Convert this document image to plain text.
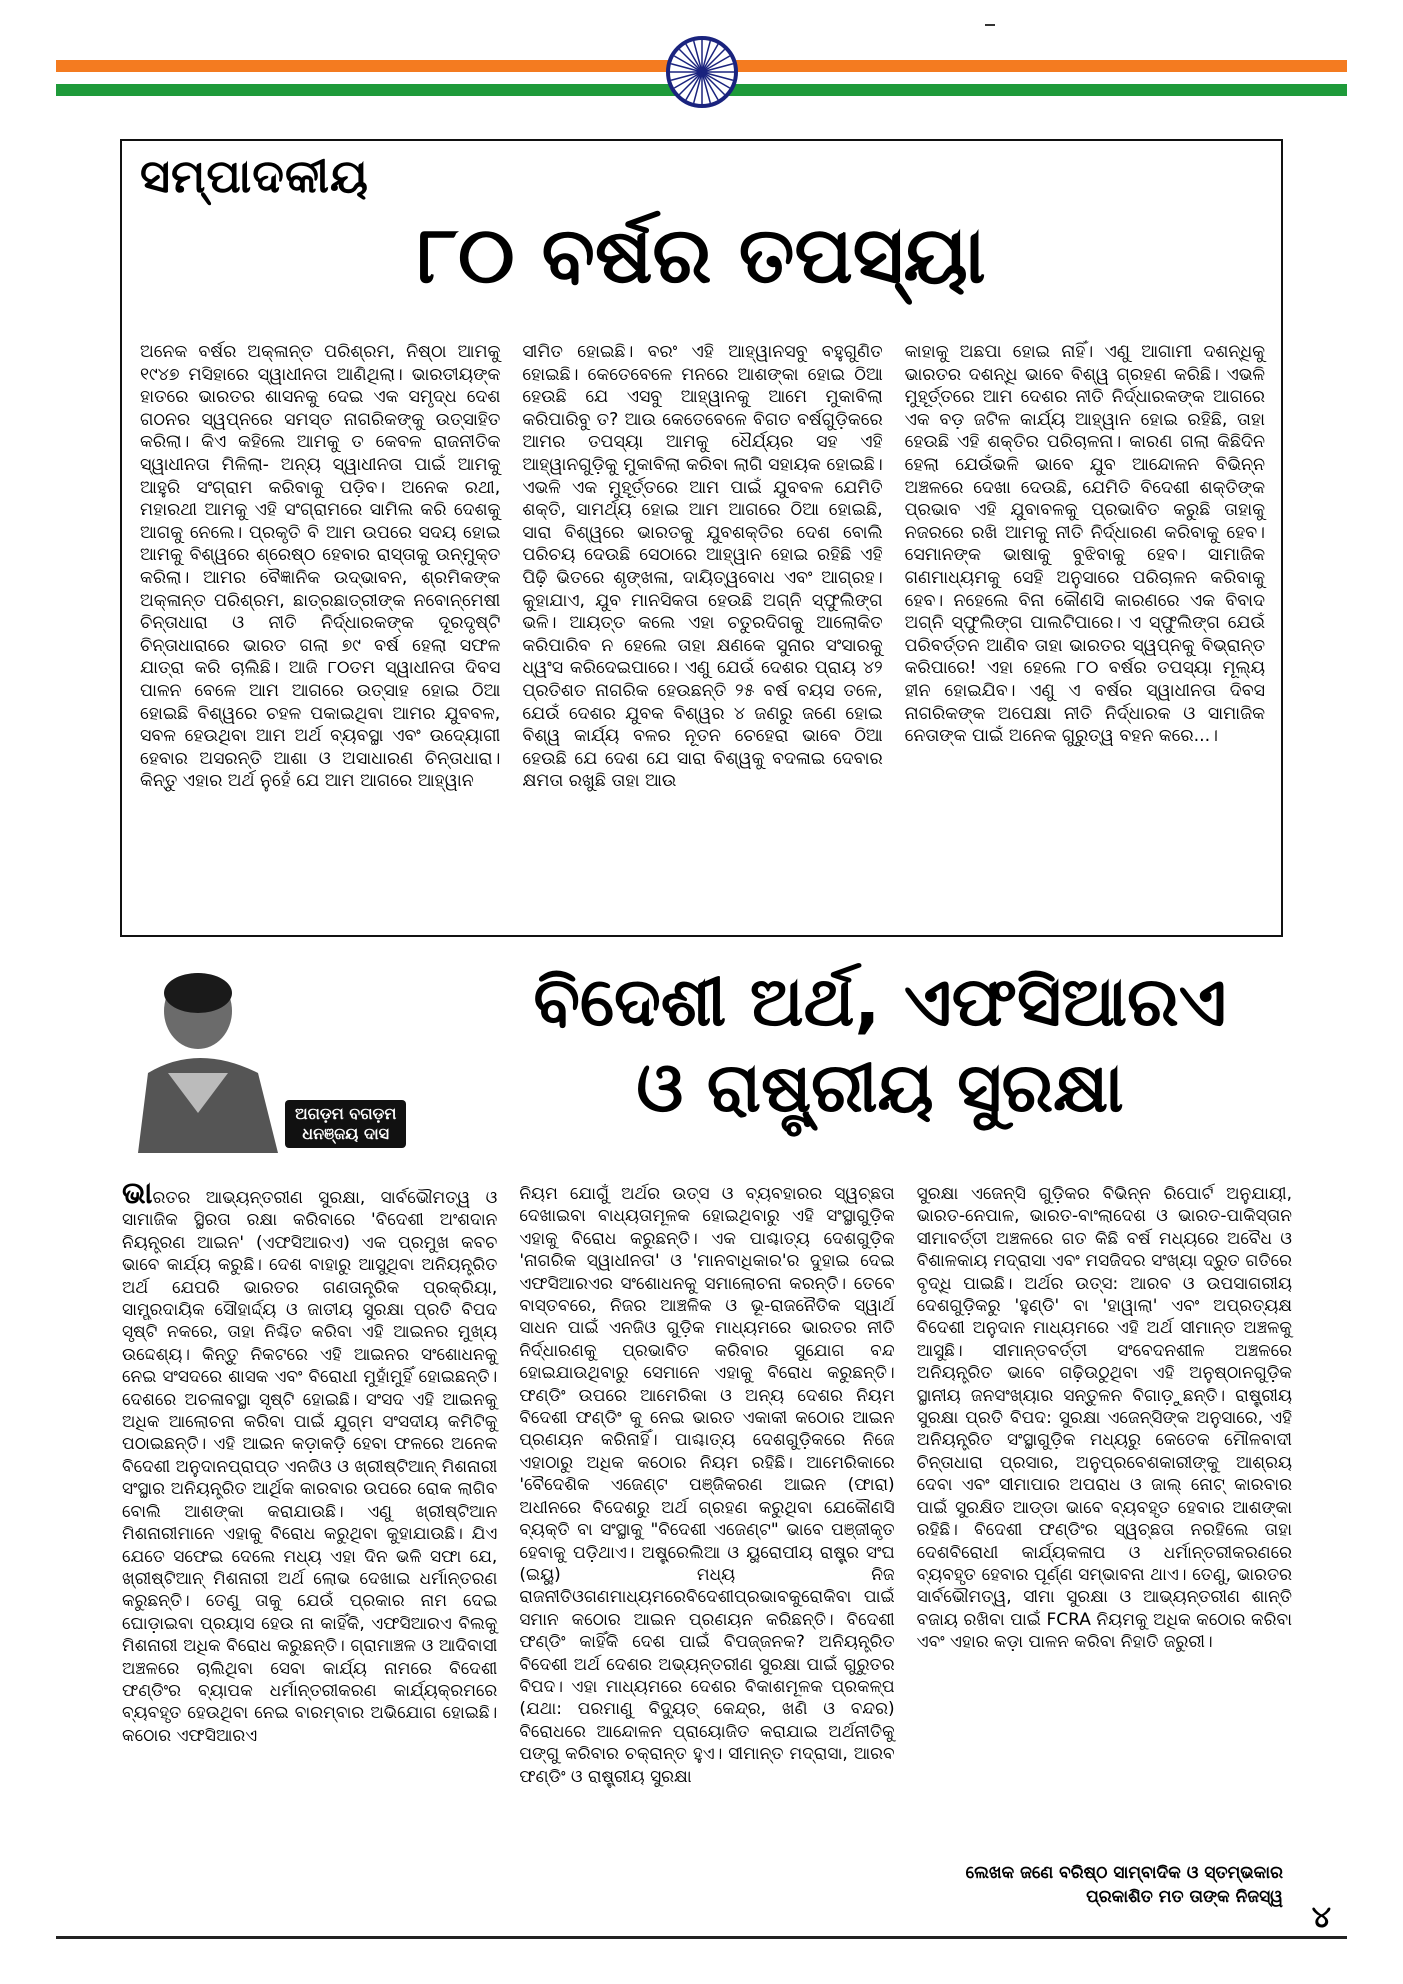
ସମ୍ପାଦକୀୟ
୮୦ ବର୍ଷର ତପସ୍ୟା
ଅନେକ ବର୍ଷର ଅକ୍ଳାନ୍ତ ପରିଶ୍ରମ, ନିଷ୍ଠା ଆମକୁ ୧୯୪୭ ମସିହାରେ ସ୍ୱାଧୀନତା ଆଣିଥିଲା। ଭାରତୀୟଙ୍କ ହାତରେ ଭାରତର ଶାସନକୁ ଦେଇ ଏକ ସମୃଦ୍ଧ ଦେଶ ଗଠନର ସ୍ୱପ୍ନରେ ସମସ୍ତ ନାଗରିକଙ୍କୁ ଉତ୍ସାହିତ କରିଲା। କିଏ କହିଲେ ଆମକୁ ତ କେବଳ ରାଜନୀତିକ ସ୍ୱାଧୀନତା ମିଳିଲା- ଅନ୍ୟ ସ୍ୱାଧୀନତା ପାଇଁ ଆମକୁ ଆହୁରି ସଂଗ୍ରାମ କରିବାକୁ ପଡ଼ିବ। ଅନେକ ରଥୀ, ମହାରଥୀ ଆମକୁ ଏହି ସଂଗ୍ରାମରେ ସାମିଲ କରି ଦେଶକୁ ଆଗକୁ ନେଲେ। ପ୍ରକୃତି ବି ଆମ ଉପରେ ସଦୟ ହୋଇ ଆମକୁ ବିଶ୍ୱରେ ଶ୍ରେଷ୍ଠ ହେବାର ରାସ୍ତାକୁ ଉନ୍ମୁକ୍ତ କରିଲା। ଆମର ବୈଜ୍ଞାନିକ ଉଦ୍ଭାବନ, ଶ୍ରମିକଙ୍କ ଅକ୍ଳାନ୍ତ ପରିଶ୍ରମ, ଛାତ୍ରଛାତ୍ରୀଙ୍କ ନବୋନ୍ମେଷୀ ଚିନ୍ତାଧାରା ଓ ନୀତି ନିର୍ଦ୍ଧାରକଙ୍କ ଦୂରଦୃଷ୍ଟି ଚିନ୍ତାଧାରାରେ ଭାରତ ଗଲା ୭୯ ବର୍ଷ ହେଲା ସଫଳ ଯାତ୍ରା କରି ଚାଲିଛି। ଆଜି ୮୦ତମ ସ୍ୱାଧୀନତା ଦିବସ ପାଳନ ବେଳେ ଆମ ଆଗରେ ଉତ୍ସାହ ହୋଇ ଠିଆ ହୋଇଛି ବିଶ୍ୱରେ ଚହଳ ପକାଇଥିବା ଆମର ଯୁବବଳ, ସବଳ ହେଉଥିବା ଆମ ଅର୍ଥ ବ୍ୟବସ୍ଥା ଏବଂ ଉଦ୍ୟୋଗୀ ହେବାର ଅସରନ୍ତି ଆଶା ଓ ଅସାଧାରଣ ଚିନ୍ତାଧାରା। କିନ୍ତୁ ଏହାର ଅର୍ଥ ନୁହେଁ ଯେ ଆମ ଆଗରେ ଆହ୍ୱାନ
ସୀମିତ ହୋଇଛି। ବରଂ ଏହି ଆହ୍ୱାନସବୁ ବହୁଗୁଣିତ ହୋଇଛି। କେତେବେଳେ ମନରେ ଆଶଙ୍କା ହୋଇ ଠିଆ ହେଉଛି ଯେ ଏସବୁ ଆହ୍ୱାନକୁ ଆମେ ମୁକାବିଲା କରିପାରିବୁ ତ? ଆଉ କେତେବେଳେ ବିଗତ ବର୍ଷଗୁଡ଼ିକରେ ଆମର ତପସ୍ୟା ଆମକୁ ଧୈର୍ଯ୍ୟର ସହ ଏହି ଆହ୍ୱାନଗୁଡ଼ିକୁ ମୁକାବିଲା କରିବା ଲାଗି ସହାୟକ ହୋଇଛି। ଏଭଳି ଏକ ମୁହୂର୍ତ୍ତରେ ଆମ ପାଇଁ ଯୁବବଳ ଯେମିତି ଶକ୍ତି, ସାମର୍ଥ୍ୟ ହୋଇ ଆମ ଆଗରେ ଠିଆ ହୋଇଛି, ସାରା ବିଶ୍ୱରେ ଭାରତକୁ ଯୁବଶକ୍ତିର ଦେଶ ବୋଲି ପରିଚୟ ଦେଉଛି ସେଠାରେ ଆହ୍ୱାନ ହୋଇ ରହିଛି ଏହି ପିଢ଼ି ଭିତରେ ଶୃଙ୍ଖଳା, ଦାୟିତ୍ୱବୋଧ ଏବଂ ଆଗ୍ରହ। କୁହାଯାଏ, ଯୁବ ମାନସିକତା ହେଉଛି ଅଗ୍ନି ସ୍ଫୁଲିଙ୍ଗ ଭଳି। ଆୟତ୍ତ କଲେ ଏହା ଚତୁରଦିଗକୁ ଆଲୋକିତ କରିପାରିବ ନ ହେଲେ ତାହା କ୍ଷଣକେ ସୁନାର ସଂସାରକୁ ଧ୍ୱଂସ କରିଦେଇପାରେ। ଏଣୁ ଯେଉଁ ଦେଶର ପ୍ରାୟ ୪୨ ପ୍ରତିଶତ ନାଗରିକ ହେଉଛନ୍ତି ୨୫ ବର୍ଷ ବୟସ ତଳେ, ଯେଉଁ ଦେଶର ଯୁବକ ବିଶ୍ୱର ୪ ଜଣରୁ ଜଣେ ହୋଇ ବିଶ୍ୱ କାର୍ଯ୍ୟ ବଳର ନୂତନ ଚେହେରା ଭାବେ ଠିଆ ହେଉଛି ଯେ ଦେଶ ଯେ ସାରା ବିଶ୍ୱକୁ ବଦଳାଇ ଦେବାର କ୍ଷମତା ରଖୁଛି ତାହା ଆଉ
କାହାକୁ ଅଛପା ହୋଇ ନାହିଁ। ଏଣୁ ଆଗାମୀ ଦଶନ୍ଧିକୁ ଭାରତର ଦଶନ୍ଧି ଭାବେ ବିଶ୍ୱ ଗ୍ରହଣ କରିଛି। ଏଭଳି ମୁହୂର୍ତ୍ତରେ ଆମ ଦେଶର ନୀତି ନିର୍ଦ୍ଧାରକଙ୍କ ଆଗରେ ଏକ ବଡ଼ ଜଟିଳ କାର୍ଯ୍ୟ ଆହ୍ୱାନ ହୋଇ ରହିଛି, ତାହା ହେଉଛି ଏହି ଶକ୍ତିର ପରିଚାଳନା। କାରଣ ଗଲା କିଛିଦିନ ହେଲା ଯେଉଁଭଳି ଭାବେ ଯୁବ ଆନ୍ଦୋଳନ ବିଭିନ୍ନ ଅଞ୍ଚଳରେ ଦେଖା ଦେଉଛି, ଯେମିତି ବିଦେଶୀ ଶକ୍ତିଙ୍କ ପ୍ରଭାବ ଏହି ଯୁବାବଳକୁ ପ୍ରଭାବିତ କରୁଛି ତାହାକୁ ନଜରରେ ରଖି ଆମକୁ ନୀତି ନିର୍ଦ୍ଧାରଣ କରିବାକୁ ହେବ। ସେମାନଙ୍କ ଭାଷାକୁ ବୁଝିବାକୁ ହେବ। ସାମାଜିକ ଗଣମାଧ୍ୟମକୁ ସେହି ଅନୁସାରେ ପରିଚାଳନ କରିବାକୁ ହେବ। ନହେଲେ ବିନା କୌଣସି କାରଣରେ ଏକ ବିବାଦ ଅଗ୍ନି ସ୍ଫୁଲିଙ୍ଗ ପାଲଟିପାରେ। ଏ ସ୍ଫୁଲିଙ୍ଗ ଯେଉଁ ପରିବର୍ତ୍ତନ ଆଣିବ ତାହା ଭାରତର ସ୍ୱପ୍ନକୁ ବିଭ୍ରାନ୍ତ କରିପାରେ! ଏହା ହେଲେ ୮୦ ବର୍ଷର ତପସ୍ୟା ମୂଲ୍ୟ ହୀନ ହୋଇଯିବ। ଏଣୁ ଏ ବର୍ଷର ସ୍ୱାଧୀନତା ଦିବସ ନାଗରିକଙ୍କ ଅପେକ୍ଷା ନୀତି ନିର୍ଦ୍ଧାରକ ଓ ସାମାଜିକ ନେତାଙ୍କ ପାଇଁ ଅନେକ ଗୁରୁତ୍ୱ ବହନ କରେ...।
ବିଦେଶୀ ଅର୍ଥ, ଏଫସିଆରଏ
ଓ ରାଷ୍ଟ୍ରୀୟ ସୁରକ୍ଷା
ଅଗଡ଼ମ ବଗଡ଼ମ
ଧନଞ୍ଜୟ ଦାସ
ଭାରତର ଆଭ୍ୟନ୍ତରୀଣ ସୁରକ୍ଷା, ସାର୍ବଭୌମତ୍ୱ ଓ ସାମାଜିକ ସ୍ଥିରତା ରକ୍ଷା କରିବାରେ 'ବିଦେଶୀ ଅଂଶଦାନ ନିୟନ୍ତ୍ରଣ ଆଇନ' (ଏଫସିଆରଏ) ଏକ ପ୍ରମୁଖ କବଚ ଭାବେ କାର୍ଯ୍ୟ କରୁଛି। ଦେଶ ବାହାରୁ ଆସୁଥିବା ଅନିୟନ୍ତ୍ରିତ ଅର୍ଥ ଯେପରି ଭାରତର ଗଣତାନ୍ତ୍ରିକ ପ୍ରକ୍ରିୟା, ସାମ୍ପ୍ରଦାୟିକ ସୌହାର୍ଦ୍ଦ୍ୟ ଓ ଜାତୀୟ ସୁରକ୍ଷା ପ୍ରତି ବିପଦ ସୃଷ୍ଟି ନକରେ, ତାହା ନିଶ୍ଚିତ କରିବା ଏହି ଆଇନର ମୁଖ୍ୟ ଉଦ୍ଦେଶ୍ୟ। କିନ୍ତୁ ନିକଟରେ ଏହି ଆଇନର ସଂଶୋଧନକୁ ନେଇ ସଂସଦରେ ଶାସକ ଏବଂ ବିରୋଧୀ ମୁହାଁମୁହିଁ ହୋଇଛନ୍ତି। ଦେଶରେ ଅଚଳାବସ୍ଥା ସୃଷ୍ଟି ହୋଇଛି। ସଂସଦ ଏହି ଆଇନକୁ ଅଧିକ ଆଲୋଚନା କରିବା ପାଇଁ ଯୁଗ୍ମ ସଂସଦୀୟ କମିଟିକୁ ପଠାଇଛନ୍ତି। ଏହି ଆଇନ କଡ଼ାକଡ଼ି ହେବା ଫଳରେ ଅନେକ ବିଦେଶୀ ଅନୁଦାନପ୍ରାପ୍ତ ଏନଜିଓ ଓ ଖ୍ରୀଷ୍ଟିଆନ୍ ମିଶନାରୀ ସଂସ୍ଥାର ଅନିୟନ୍ତ୍ରିତ ଆର୍ଥିକ କାରବାର ଉପରେ ରୋକ ଲାଗିବ ବୋଲି ଆଶଙ୍କା କରାଯାଉଛି। ଏଣୁ ଖ୍ରୀଷ୍ଟିଆନ ମିଶନାରୀମାନେ ଏହାକୁ ବିରୋଧ କରୁଥିବା କୁହାଯାଉଛି। ଯିଏ ଯେତେ ସଫେଇ ଦେଲେ ମଧ୍ୟ ଏହା ଦିନ ଭଳି ସଫା ଯେ, ଖ୍ରୀଷ୍ଟିଆନ୍ ମିଶନାରୀ ଅର୍ଥ ଲୋଭ ଦେଖାଇ ଧର୍ମାନ୍ତରଣ କରୁଛନ୍ତି। ତେଣୁ ତାକୁ ଯେଉଁ ପ୍ରକାର ନାମ ଦେଇ ଘୋଡ଼ାଇବା ପ୍ରୟାସ ହେଉ ନା କାହିଁକି, ଏଫସିଆରଏ ବିଲକୁ ମିଶନାରୀ ଅଧିକ ବିରୋଧ କରୁଛନ୍ତି। ଗ୍ରାମାଞ୍ଚଳ ଓ ଆଦିବାସୀ ଅଞ୍ଚଳରେ ଚାଲିଥିବା ସେବା କାର୍ଯ୍ୟ ନାମରେ ବିଦେଶୀ ଫଣ୍ଡିଂର ବ୍ୟାପକ ଧର୍ମାନ୍ତରୀକରଣ କାର୍ଯ୍ୟକ୍ରମରେ ବ୍ୟବହୃତ ହେଉଥିବା ନେଇ ବାରମ୍ବାର ଅଭିଯୋଗ ହୋଇଛି। କଠୋର ଏଫସିଆରଏ
ନିୟମ ଯୋଗୁଁ ଅର୍ଥର ଉତ୍ସ ଓ ବ୍ୟବହାରର ସ୍ୱଚ୍ଛତା ଦେଖାଇବା ବାଧ୍ୟତାମୂଳକ ହୋଇଥିବାରୁ ଏହି ସଂସ୍ଥାଗୁଡ଼ିକ ଏହାକୁ ବିରୋଧ କରୁଛନ୍ତି। ଏକ ପାଶ୍ଚାତ୍ୟ ଦେଶଗୁଡ଼ିକ 'ନାଗରିକ ସ୍ୱାଧୀନତା' ଓ 'ମାନବାଧିକାର'ର ଦୁହାଇ ଦେଇ ଏଫସିଆରଏର ସଂଶୋଧନକୁ ସମାଲୋଚନା କରନ୍ତି। ତେବେ ବାସ୍ତବରେ, ନିଜର ଆଞ୍ଚଳିକ ଓ ଭୂ-ରାଜନୈତିକ ସ୍ୱାର୍ଥ ସାଧନ ପାଇଁ ଏନଜିଓ ଗୁଡ଼ିକ ମାଧ୍ୟମରେ ଭାରତର ନୀତି ନିର୍ଦ୍ଧାରଣକୁ ପ୍ରଭାବିତ କରିବାର ସୁଯୋଗ ବନ୍ଦ ହୋଇଯାଉଥିବାରୁ ସେମାନେ ଏହାକୁ ବିରୋଧ କରୁଛନ୍ତି। ଫଣ୍ଡିଂ ଉପରେ ଆମେରିକା ଓ ଅନ୍ୟ ଦେଶର ନିୟମ ବିଦେଶୀ ଫଣ୍ଡିଂ କୁ ନେଇ ଭାରତ ଏକାକୀ କଠୋର ଆଇନ ପ୍ରଣୟନ କରିନାହିଁ। ପାଶ୍ଚାତ୍ୟ ଦେଶଗୁଡ଼ିକରେ ନିଜେ ଏହାଠାରୁ ଅଧିକ କଠୋର ନିୟମ ରହିଛି। ଆମେରିକାରେ 'ବୈଦେଶିକ ଏଜେଣ୍ଟ ପଞ୍ଜିକରଣ ଆଇନ (ଫାରା) ଅଧୀନରେ ବିଦେଶରୁ ଅର୍ଥ ଗ୍ରହଣ କରୁଥିବା ଯେକୌଣସି ବ୍ୟକ୍ତି ବା ସଂସ୍ଥାକୁ "ବିଦେଶୀ ଏଜେଣ୍ଟ" ଭାବେ ପଞ୍ଜୀକୃତ ହେବାକୁ ପଡ଼ିଥାଏ। ଅଷ୍ଟ୍ରେଲିଆ ଓ ୟୁରୋପୀୟ ରାଷ୍ଟ୍ର ସଂଘ (ଇୟୁ) ମଧ୍ୟ ନିଜ ରାଜନୀତିଓଗଣମାଧ୍ୟମରେବିଦେଶୀପ୍ରଭାବକୁରୋକିବା ପାଇଁ ସମାନ କଠୋର ଆଇନ ପ୍ରଣୟନ କରିଛନ୍ତି। ବିଦେଶୀ ଫଣ୍ଡିଂ କାହିଁକି ଦେଶ ପାଇଁ ବିପଜ୍ଜନକ? ଅନିୟନ୍ତ୍ରିତ ବିଦେଶୀ ଅର୍ଥ ଦେଶର ଅଭ୍ୟନ୍ତରୀଣ ସୁରକ୍ଷା ପାଇଁ ଗୁରୁତର ବିପଦ। ଏହା ମାଧ୍ୟମରେ ଦେଶର ବିକାଶମୂଳକ ପ୍ରକଳ୍ପ (ଯଥା: ପରମାଣୁ ବିଦ୍ୟୁତ୍ କେନ୍ଦ୍ର, ଖଣି ଓ ବନ୍ଦର) ବିରୋଧରେ ଆନ୍ଦୋଳନ ପ୍ରାୟୋଜିତ କରାଯାଇ ଅର୍ଥନୀତିକୁ ପଙ୍ଗୁ କରିବାର ଚକ୍ରାନ୍ତ ହୁଏ। ସୀମାନ୍ତ ମଦ୍ରାସା, ଆରବ ଫଣ୍ଡିଂ ଓ ରାଷ୍ଟ୍ରୀୟ ସୁରକ୍ଷା
ସୁରକ୍ଷା ଏଜେନ୍ସି ଗୁଡ଼ିକର ବିଭିନ୍ନ ରିପୋର୍ଟ ଅନୁଯାୟୀ, ଭାରତ-ନେପାଳ, ଭାରତ-ବାଂଲାଦେଶ ଓ ଭାରତ-ପାକିସ୍ତାନ ସୀମାବର୍ତ୍ତୀ ଅଞ୍ଚଳରେ ଗତ କିଛି ବର୍ଷ ମଧ୍ୟରେ ଅବୈଧ ଓ ବିଶାଳକାୟ ମଦ୍ରାସା ଏବଂ ମସଜିଦର ସଂଖ୍ୟା ଦ୍ରୁତ ଗତିରେ ବୃଦ୍ଧି ପାଇଛି। ଅର୍ଥର ଉତ୍ସ: ଆରବ ଓ ଉପସାଗରୀୟ ଦେଶଗୁଡ଼ିକରୁ 'ହୁଣ୍ଡି' ବା 'ହାୱାଲା' ଏବଂ ଅପ୍ରତ୍ୟକ୍ଷ ବିଦେଶୀ ଅନୁଦାନ ମାଧ୍ୟମରେ ଏହି ଅର୍ଥ ସୀମାନ୍ତ ଅଞ୍ଚଳକୁ ଆସୁଛି। ସୀମାନ୍ତବର୍ତ୍ତୀ ସଂବେଦନଶୀଳ ଅଞ୍ଚଳରେ ଅନିୟନ୍ତ୍ରିତ ଭାବେ ଗଢ଼ିଉଠୁଥିବା ଏହି ଅନୁଷ୍ଠାନଗୁଡ଼ିକ ସ୍ଥାନୀୟ ଜନସଂଖ୍ୟାର ସନ୍ତୁଳନ ବିଗାଡ଼ୁଛନ୍ତି। ରାଷ୍ଟ୍ରୀୟ ସୁରକ୍ଷା ପ୍ରତି ବିପଦ: ସୁରକ୍ଷା ଏଜେନ୍ସିଙ୍କ ଅନୁସାରେ, ଏହି ଅନିୟନ୍ତ୍ରିତ ସଂସ୍ଥାଗୁଡ଼ିକ ମଧ୍ୟରୁ କେତେକ ମୌଳବାଦୀ ଚିନ୍ତାଧାରା ପ୍ରସାର, ଅନୁପ୍ରବେଶକାରୀଙ୍କୁ ଆଶ୍ରୟ ଦେବା ଏବଂ ସୀମାପାର ଅପରାଧ ଓ ଜାଲ୍ ନୋଟ୍ କାରବାର ପାଇଁ ସୁରକ୍ଷିତ ଆଡ୍ଡା ଭାବେ ବ୍ୟବହୃତ ହେବାର ଆଶଙ୍କା ରହିଛି। ବିଦେଶୀ ଫଣ୍ଡିଂର ସ୍ୱଚ୍ଛତା ନରହିଲେ ତାହା ଦେଶବିରୋଧୀ କାର୍ଯ୍ୟକଳାପ ଓ ଧର୍ମାନ୍ତରୀକରଣରେ ବ୍ୟବହୃତ ହେବାର ପୂର୍ଣ୍ଣ ସମ୍ଭାବନା ଥାଏ। ତେଣୁ, ଭାରତର ସାର୍ବଭୌମତ୍ୱ, ସୀମା ସୁରକ୍ଷା ଓ ଆଭ୍ୟନ୍ତରୀଣ ଶାନ୍ତି ବଜାୟ ରଖିବା ପାଇଁ FCRA ନିୟମକୁ ଅଧିକ କଠୋର କରିବା ଏବଂ ଏହାର କଡ଼ା ପାଳନ କରିବା ନିହାତି ଜରୁରୀ।
ଲେଖକ ଜଣେ ବରିଷ୍ଠ ସାମ୍ବାଦିକ ଓ ସ୍ତମ୍ଭକାର
ପ୍ରକାଶିତ ମତ ତାଙ୍କ ନିଜସ୍ୱ
୪
